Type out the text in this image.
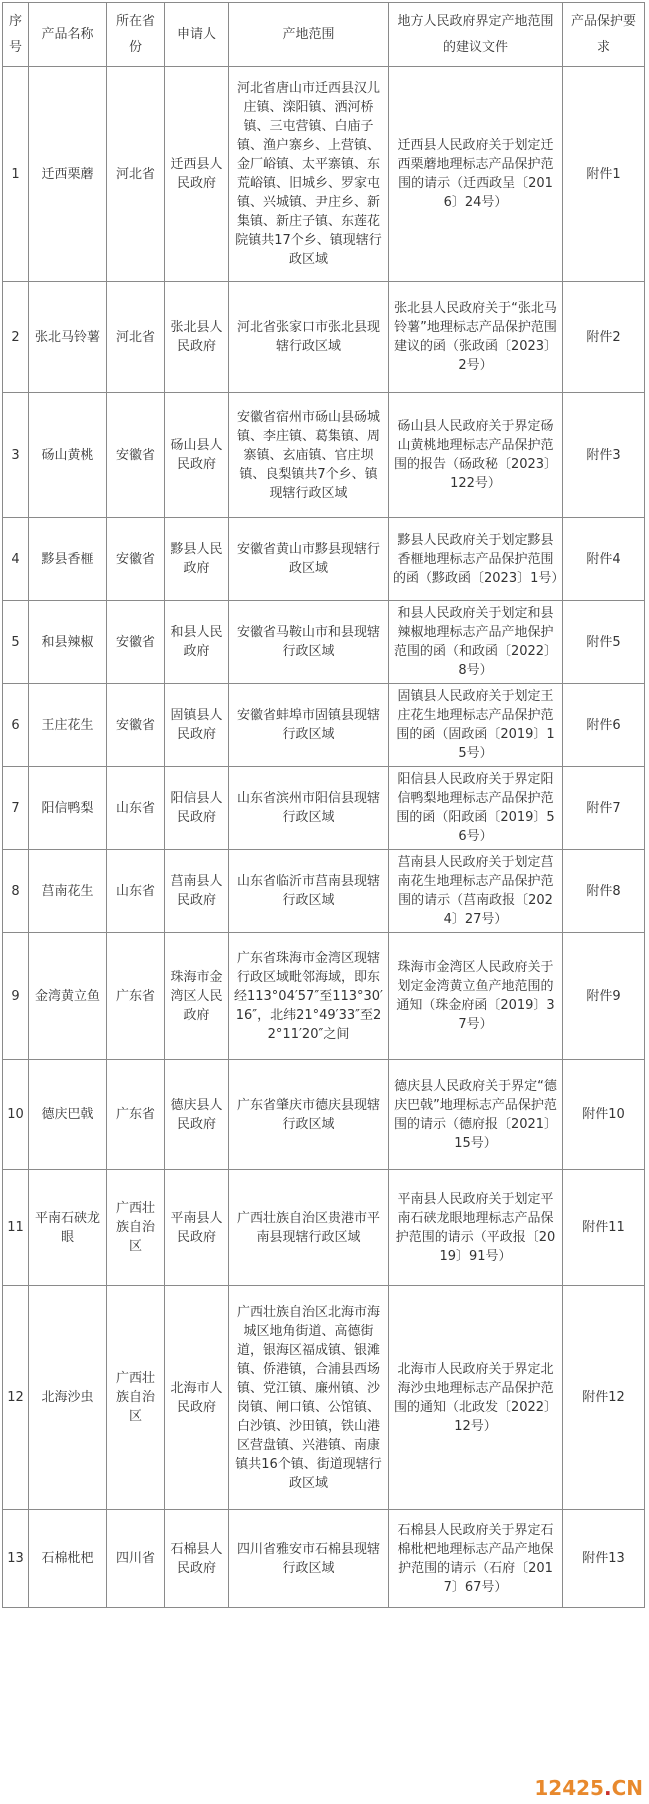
序号	产品名称	所在省份	申请人	产地范围	地方人民政府界定产地范围的建议文件	产品保护要求
1	迁西栗蘑	河北省	迁西县人民政府	河北省唐山市迁西县汉儿庄镇、滦阳镇、洒河桥镇、三屯营镇、白庙子镇、渔户寨乡、上营镇、金厂峪镇、太平寨镇、东荒峪镇、旧城乡、罗家屯镇、兴城镇、尹庄乡、新集镇、新庄子镇、东莲花院镇共17个乡、镇现辖行政区域	迁西县人民政府关于划定迁西栗蘑地理标志产品保护范围的请示（迁西政呈〔2016〕24号）	附件1
2	张北马铃薯	河北省	张北县人民政府	河北省张家口市张北县现辖行政区域	张北县人民政府关于“张北马铃薯”地理标志产品保护范围建议的函（张政函〔2023〕2号）	附件2
3	砀山黄桃	安徽省	砀山县人民政府	安徽省宿州市砀山县砀城镇、李庄镇、葛集镇、周寨镇、玄庙镇、官庄坝镇、良梨镇共7个乡、镇现辖行政区域	砀山县人民政府关于界定砀山黄桃地理标志产品保护范围的报告（砀政秘〔2023〕122号）	附件3
4	黟县香榧	安徽省	黟县人民政府	安徽省黄山市黟县现辖行政区域	黟县人民政府关于划定黟县香榧地理标志产品保护范围的函（黟政函〔2023〕1号）	附件4
5	和县辣椒	安徽省	和县人民政府	安徽省马鞍山市和县现辖行政区域	和县人民政府关于划定和县辣椒地理标志产品产地保护范围的函（和政函〔2022〕8号）	附件5
6	王庄花生	安徽省	固镇县人民政府	安徽省蚌埠市固镇县现辖行政区域	固镇县人民政府关于划定王庄花生地理标志产品保护范围的函（固政函〔2019〕15号）	附件6
7	阳信鸭梨	山东省	阳信县人民政府	山东省滨州市阳信县现辖行政区域	阳信县人民政府关于界定阳信鸭梨地理标志产品保护范围的函（阳政函〔2019〕56号）	附件7
8	莒南花生	山东省	莒南县人民政府	山东省临沂市莒南县现辖行政区域	莒南县人民政府关于划定莒南花生地理标志产品保护范围的请示（莒南政报〔2024〕27号）	附件8
9	金湾黄立鱼	广东省	珠海市金湾区人民政府	广东省珠海市金湾区现辖行政区域毗邻海域，即东经113°04′57″至113°30′16″，北纬21°49′33″至22°11′20″之间	珠海市金湾区人民政府关于划定金湾黄立鱼产地范围的通知（珠金府函〔2019〕37号）	附件9
10	德庆巴戟	广东省	德庆县人民政府	广东省肇庆市德庆县现辖行政区域	德庆县人民政府关于界定“德庆巴戟”地理标志产品保护范围的请示（德府报〔2021〕15号）	附件10
11	平南石硖龙眼	广西壮族自治区	平南县人民政府	广西壮族自治区贵港市平南县现辖行政区域	平南县人民政府关于划定平南石硖龙眼地理标志产品保护范围的请示（平政报〔2019〕91号）	附件11
12	北海沙虫	广西壮族自治区	北海市人民政府	广西壮族自治区北海市海城区地角街道、高德街道，银海区福成镇、银滩镇、侨港镇，合浦县西场镇、党江镇、廉州镇、沙岗镇、闸口镇、公馆镇、白沙镇、沙田镇，铁山港区营盘镇、兴港镇、南康镇共16个镇、街道现辖行政区域	北海市人民政府关于界定北海沙虫地理标志产品保护范围的通知（北政发〔2022〕12号）	附件12
13	石棉枇杷	四川省	石棉县人民政府	四川省雅安市石棉县现辖行政区域	石棉县人民政府关于界定石棉枇杷地理标志产品产地保护范围的请示（石府〔2017〕67号）	附件13
12425.CN
